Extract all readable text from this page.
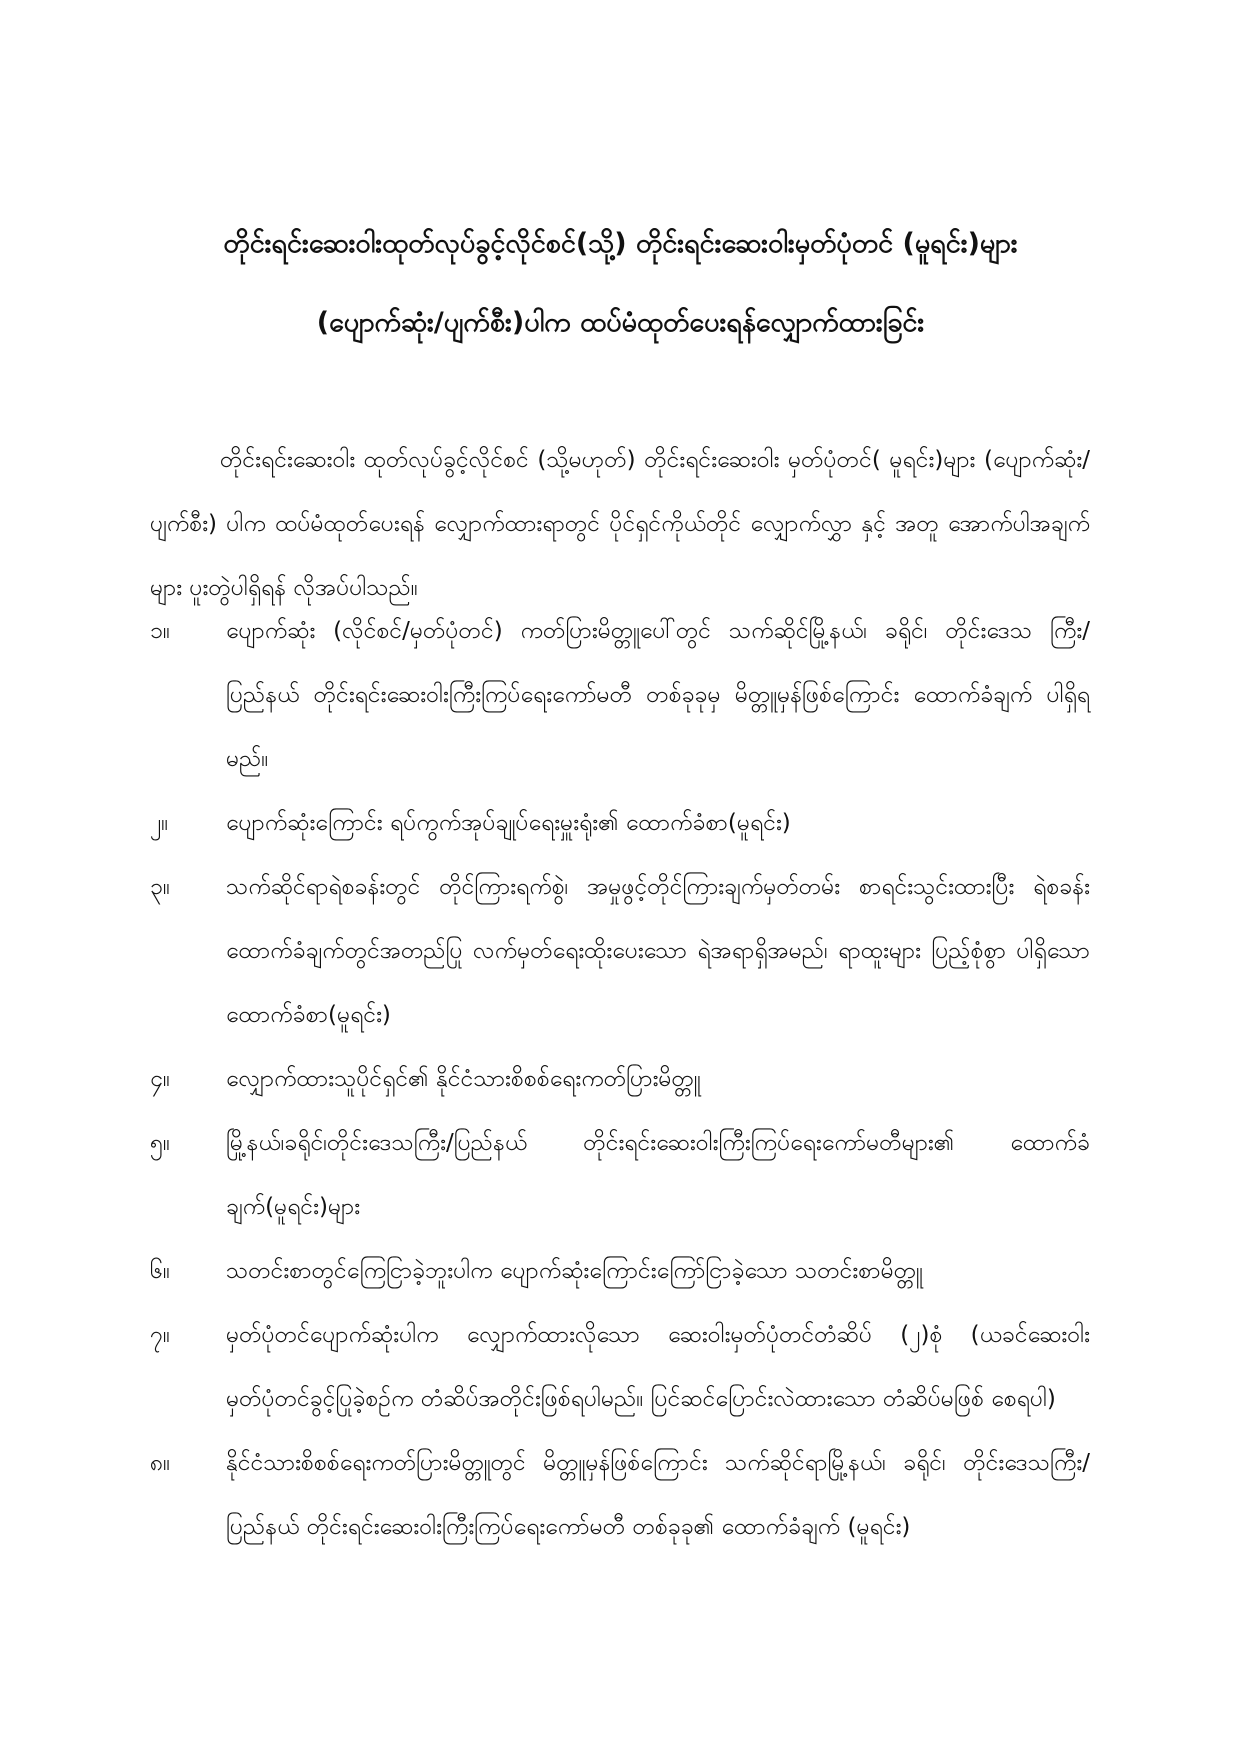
တိုင်းရင်းဆေးဝါးထုတ်လုပ်ခွင့်လိုင်စင်(သို့) တိုင်းရင်းဆေးဝါးမှတ်ပုံတင် (မူရင်း)များ
(ပျောက်ဆုံး/ပျက်စီး)ပါက ထပ်မံထုတ်ပေးရန်လျှောက်ထားခြင်း

တိုင်းရင်းဆေးဝါး ထုတ်လုပ်ခွင့်လိုင်စင် (သို့မဟုတ်) တိုင်းရင်းဆေးဝါး မှတ်ပုံတင်( မူရင်း)များ (ပျောက်ဆုံး/ပျက်စီး) ပါက ထပ်မံထုတ်ပေးရန် လျှောက်ထားရာတွင် ပိုင်ရှင်ကိုယ်တိုင် လျှောက်လွှာ နှင့် အတူ အောက်ပါအချက်များ ပူးတွဲပါရှိရန် လိုအပ်ပါသည်။

၁။	ပျောက်ဆုံး (လိုင်စင်/မှတ်ပုံတင်) ကတ်ပြားမိတ္တူပေါ်တွင် သက်ဆိုင်မြို့နယ်၊ ခရိုင်၊ တိုင်းဒေသ ကြီး/ပြည်နယ် တိုင်းရင်းဆေးဝါးကြီးကြပ်ရေးကော်မတီ တစ်ခုခုမှ မိတ္တူမှန်ဖြစ်ကြောင်း ထောက်ခံချက် ပါရှိရမည်။

၂။	ပျောက်ဆုံးကြောင်း ရပ်ကွက်အုပ်ချုပ်ရေးမှူးရုံး၏ ထောက်ခံစာ(မူရင်း)

၃။	သက်ဆိုင်ရာရဲစခန်းတွင် တိုင်ကြားရက်စွဲ၊ အမှုဖွင့်တိုင်ကြားချက်မှတ်တမ်း စာရင်းသွင်းထားပြီး ရဲစခန်းထောက်ခံချက်တွင်အတည်ပြု လက်မှတ်ရေးထိုးပေးသော ရဲအရာရှိအမည်၊ ရာထူးများ ပြည့်စုံစွာ ပါရှိသော ထောက်ခံစာ(မူရင်း)

၄။	လျှောက်ထားသူပိုင်ရှင်၏ နိုင်ငံသားစိစစ်ရေးကတ်ပြားမိတ္တူ

၅။	မြို့နယ်၊ခရိုင်၊တိုင်းဒေသကြီး/ပြည်နယ် တိုင်းရင်းဆေးဝါးကြီးကြပ်ရေးကော်မတီများ၏ ထောက်ခံချက်(မူရင်း)များ

၆။	သတင်းစာတွင်ကြေငြာခဲ့ဘူးပါက ပျောက်ဆုံးကြောင်းကြော်ငြာခဲ့သော သတင်းစာမိတ္တူ

၇။	မှတ်ပုံတင်ပျောက်ဆုံးပါက လျှောက်ထားလိုသော ဆေးဝါးမှတ်ပုံတင်တံဆိပ် (၂)စုံ (ယခင်ဆေးဝါး မှတ်ပုံတင်ခွင့်ပြုခဲ့စဉ်က တံဆိပ်အတိုင်းဖြစ်ရပါမည်။ ပြင်ဆင်ပြောင်းလဲထားသော တံဆိပ်မဖြစ် စေရပါ)

၈။	နိုင်ငံသားစိစစ်ရေးကတ်ပြားမိတ္တူတွင် မိတ္တူမှန်ဖြစ်ကြောင်း သက်ဆိုင်ရာမြို့နယ်၊ ခရိုင်၊ တိုင်းဒေသကြီး/ပြည်နယ် တိုင်းရင်းဆေးဝါးကြီးကြပ်ရေးကော်မတီ တစ်ခုခု၏ ထောက်ခံချက် (မူရင်း)
